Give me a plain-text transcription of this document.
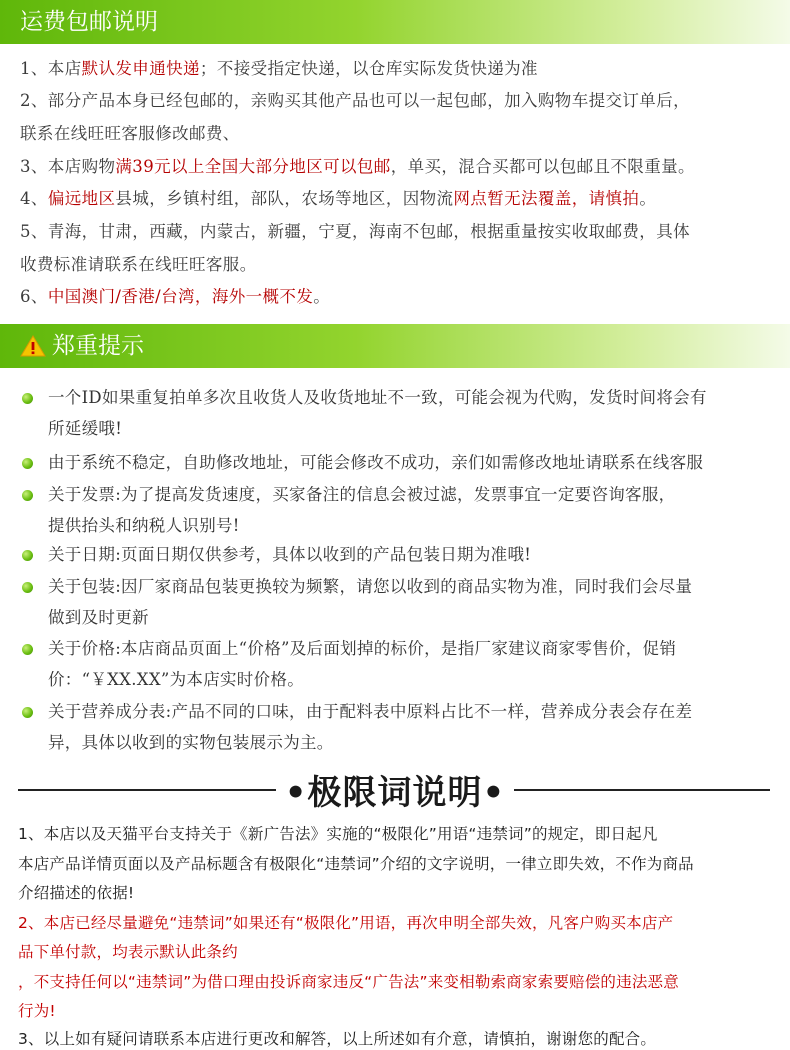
运费包邮说明
1、本店默认发申通快递；不接受指定快递，以仓库实际发货快递为准
2、部分产品本身已经包邮的，亲购买其他产品也可以一起包邮，加入购物车提交订单后，
联系在线旺旺客服修改邮费、
3、本店购物满39元以上全国大部分地区可以包邮，单买，混合买都可以包邮且不限重量。
4、偏远地区县城，乡镇村组，部队，农场等地区，因物流网点暂无法覆盖，请慎拍。
5、青海，甘肃，西藏，内蒙古，新疆，宁夏，海南不包邮，根据重量按实收取邮费，具体
收费标准请联系在线旺旺客服。
6、中国澳门/香港/台湾，海外一概不发。
郑重提示
一个ID如果重复拍单多次且收货人及收货地址不一致，可能会视为代购，发货时间将会有
所延缓哦!
由于系统不稳定，自助修改地址，可能会修改不成功，亲们如需修改地址请联系在线客服
关于发票:为了提高发货速度，买家备注的信息会被过滤，发票事宜一定要咨询客服，
提供抬头和纳税人识别号!
关于日期:页面日期仅供参考，具体以收到的产品包装日期为准哦!
关于包装:因厂家商品包装更换较为频繁，请您以收到的商品实物为准，同时我们会尽量
做到及时更新
关于价格:本店商品页面上“价格”及后面划掉的标价，是指厂家建议商家零售价，促销
价：“￥XX.XX”为本店实时价格。
关于营养成分表:产品不同的口味，由于配料表中原料占比不一样，营养成分表会存在差
异，具体以收到的实物包装展示为主。
•极限词说明•
1、本店以及天猫平台支持关于《新广告法》实施的“极限化”用语“违禁词”的规定，即日起凡
本店产品详情页面以及产品标题含有极限化“违禁词”介绍的文字说明，一律立即失效，不作为商品
介绍描述的依据!
2、本店已经尽量避免“违禁词”如果还有“极限化”用语，再次申明全部失效，凡客户购买本店产
品下单付款，均表示默认此条约
，不支持任何以“违禁词”为借口理由投诉商家违反“广告法”来变相勒索商家索要赔偿的违法恶意
行为!
3、以上如有疑问请联系本店进行更改和解答，以上所述如有介意，请慎拍，谢谢您的配合。
